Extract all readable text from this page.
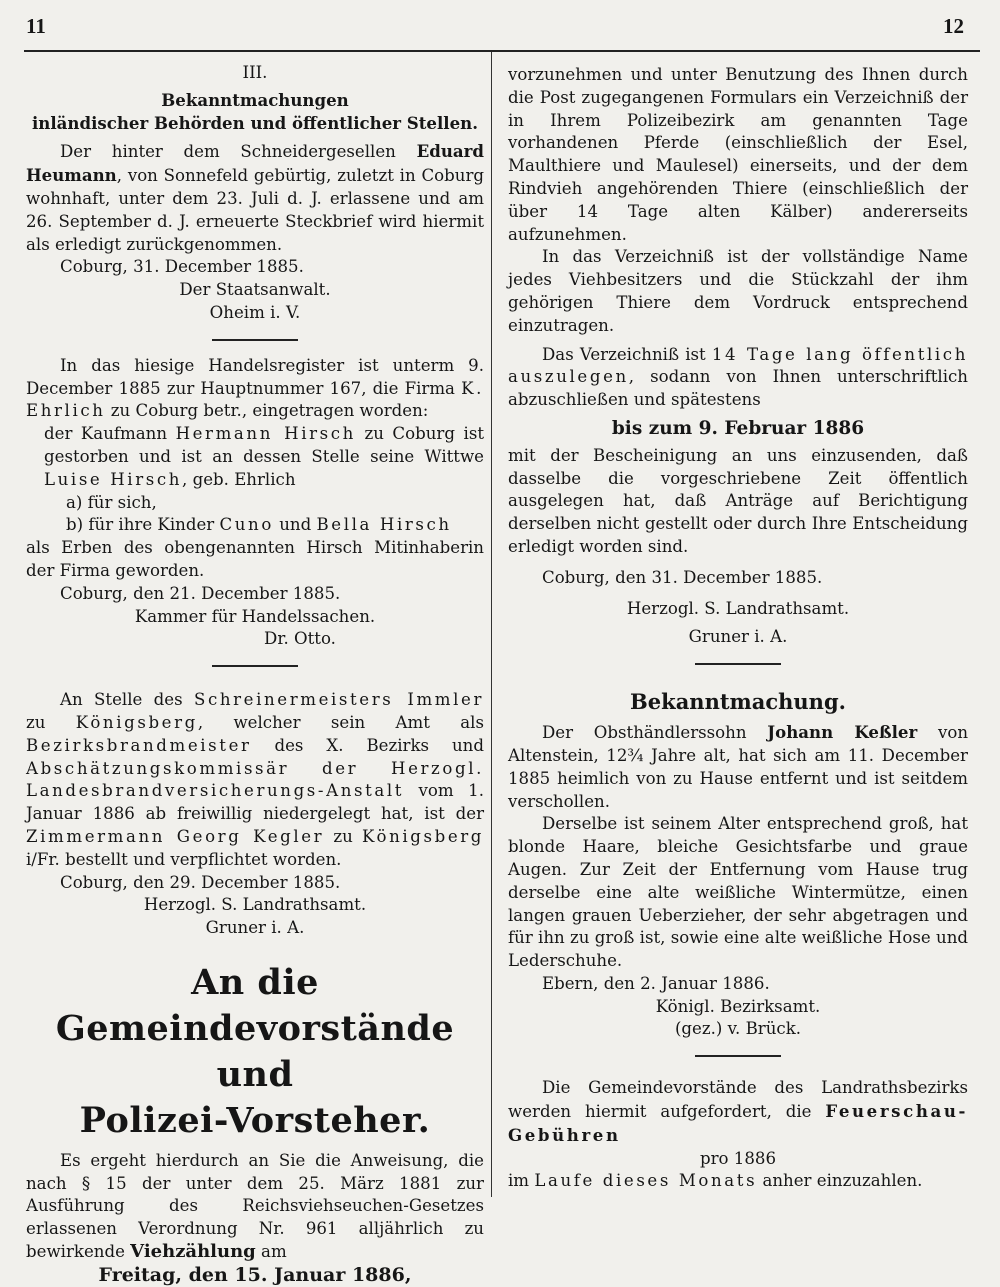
11	12

III.

Bekanntmachungen

inländischer Behörden und öffentlicher Stellen.

Der hinter dem Schneidergesellen Eduard Heumann, von Sonnefeld gebürtig, zuletzt in Coburg wohnhaft, unter dem 23. Juli d. J. erlassene und am 26. September d. J. erneuerte Steckbrief wird hiermit als erledigt zurückgenommen.

Coburg, 31. December 1885.

Der Staatsanwalt.

Oheim i. V.

In das hiesige Handelsregister ist unterm 9. December 1885 zur Hauptnummer 167, die Firma K. Ehrlich zu Coburg betr., eingetragen worden:

der Kaufmann Hermann Hirsch zu Coburg ist gestorben und ist an dessen Stelle seine Wittwe Luise Hirsch, geb. Ehrlich

a) für sich,

b) für ihre Kinder Cuno und Bella Hirsch

als Erben des obengenannten Hirsch Mitinhaberin der Firma geworden.

Coburg, den 21. December 1885.

Kammer für Handelssachen.

Dr. Otto.

An Stelle des Schreinermeisters Immler zu Königsberg, welcher sein Amt als Bezirksbrandmeister des X. Bezirks und Abschätzungskommissär der Herzogl. Landesbrandversicherungs-Anstalt vom 1. Januar 1886 ab freiwillig niedergelegt hat, ist der Zimmermann Georg Kegler zu Königsberg i/Fr. bestellt und verpflichtet worden.

Coburg, den 29. December 1885.

Herzogl. S. Landrathsamt.

Gruner i. A.

An die Gemeindevorstände und

Polizei-Vorsteher.

Es ergeht hierdurch an Sie die Anweisung, die nach § 15 der unter dem 25. März 1881 zur Ausführung des Reichsviehseuchen-Gesetzes erlassenen Verordnung Nr. 961 alljährlich zu bewirkende Viehzählung am

Freitag, den 15. Januar 1886,

vorzunehmen und unter Benutzung des Ihnen durch die Post zugegangenen Formulars ein Verzeichniß der in Ihrem Polizeibezirk am genannten Tage vorhandenen Pferde (einschließlich der Esel, Maulthiere und Maulesel) einerseits, und der dem Rindvieh angehörenden Thiere (einschließlich der über 14 Tage alten Kälber) andererseits aufzunehmen.

In das Verzeichniß ist der vollständige Name jedes Viehbesitzers und die Stückzahl der ihm gehörigen Thiere dem Vordruck entsprechend einzutragen.

Das Verzeichniß ist 14 Tage lang öffentlich auszulegen, sodann von Ihnen unterschriftlich abzuschließen und spätestens

bis zum 9. Februar 1886

mit der Bescheinigung an uns einzusenden, daß dasselbe die vorgeschriebene Zeit öffentlich ausgelegen hat, daß Anträge auf Berichtigung derselben nicht gestellt oder durch Ihre Entscheidung erledigt worden sind.

Coburg, den 31. December 1885.

Herzogl. S. Landrathsamt.

Gruner i. A.

Bekanntmachung.

Der Obsthändlerssohn Johann Keßler von Altenstein, 12¾ Jahre alt, hat sich am 11. December 1885 heimlich von zu Hause entfernt und ist seitdem verschollen.

Derselbe ist seinem Alter entsprechend groß, hat blonde Haare, bleiche Gesichtsfarbe und graue Augen. Zur Zeit der Entfernung vom Hause trug derselbe eine alte weißliche Wintermütze, einen langen grauen Ueberzieher, der sehr abgetragen und für ihn zu groß ist, sowie eine alte weißliche Hose und Lederschuhe.

Ebern, den 2. Januar 1886.

Königl. Bezirksamt.

(gez.) v. Brück.

Die Gemeindevorstände des Landrathsbezirks werden hiermit aufgefordert, die Feuerschau-Gebühren

pro 1886

im Laufe dieses Monats anher einzuzahlen.
